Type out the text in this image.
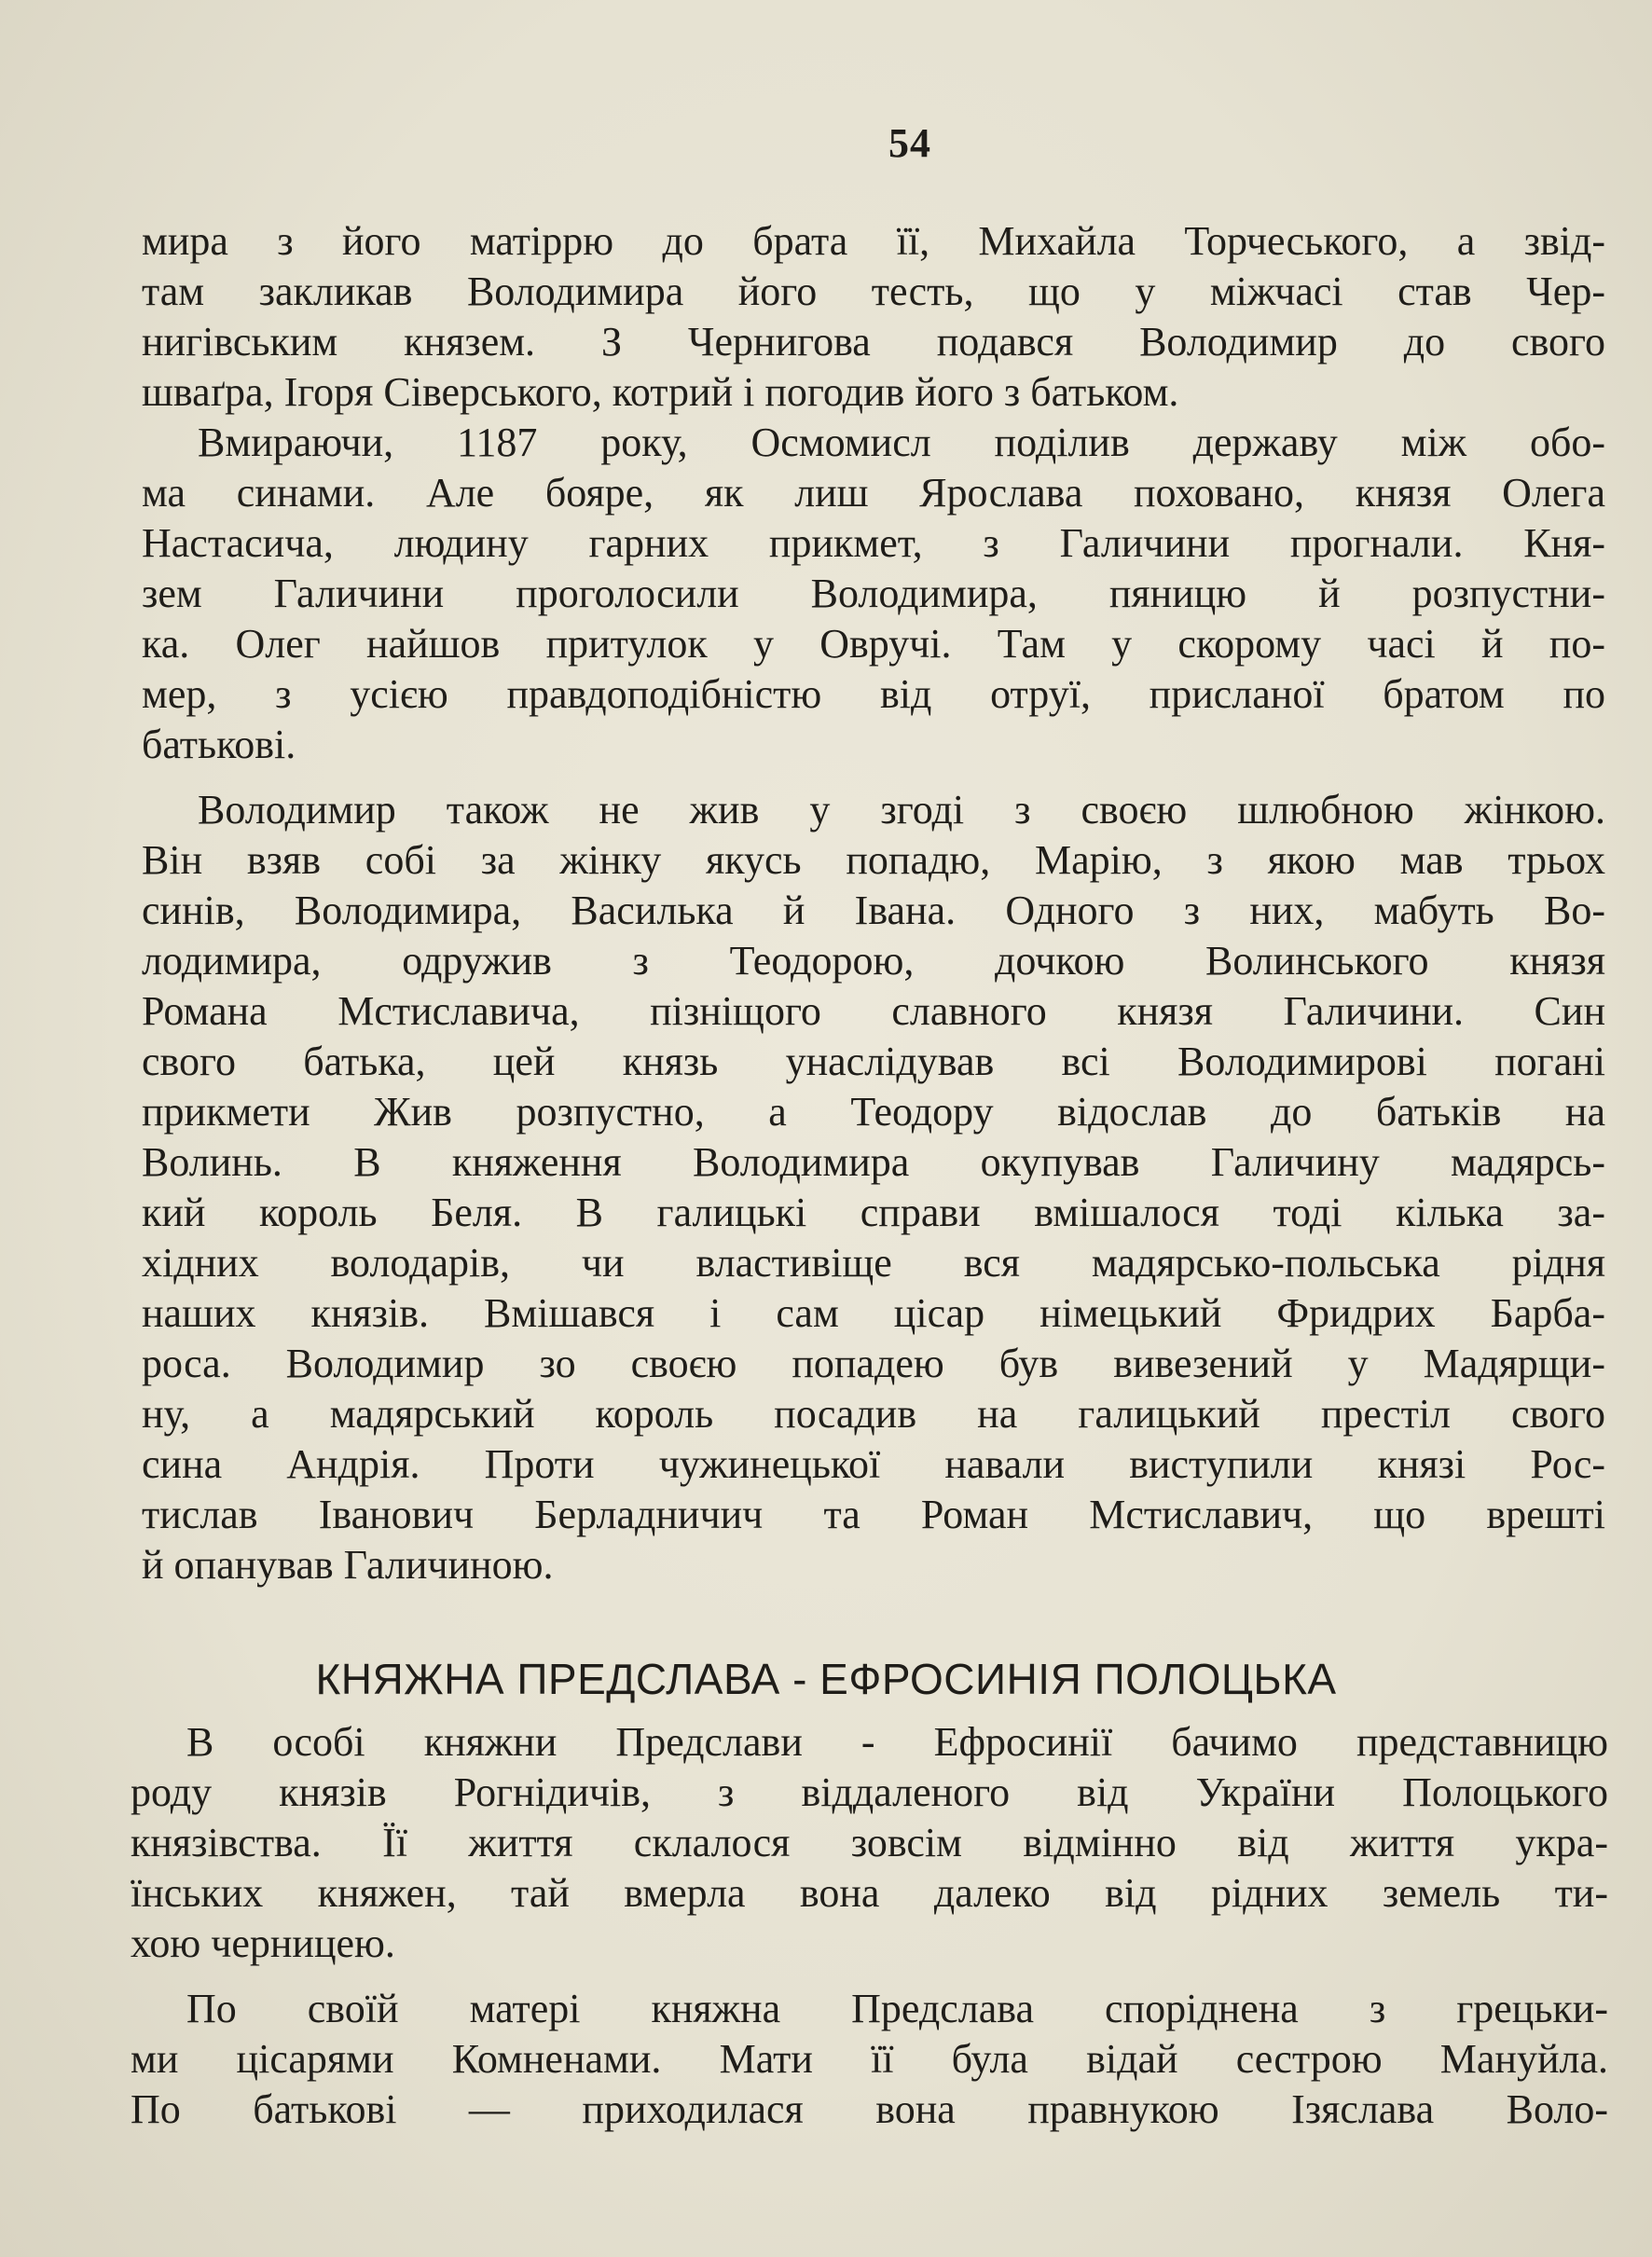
54
мира з його матіррю до брата її, Михайла Торчеського, а звід-
там закликав Володимира його тесть, що у міжчасі став Чер-
нигівським князем. З Чернигова подався Володимир до свого
шваґра, Ігоря Сіверського, котрий і погодив його з батьком.
Вмираючи, 1187 року, Осмомисл поділив державу між обо-
ма синами. Але бояре, як лиш Ярослава поховано, князя Олега
Настасича, людину гарних прикмет, з Галичини прогнали. Кня-
зем Галичини проголосили Володимира, пяницю й розпустни-
ка. Олег найшов притулок у Овручі. Там у скорому часі й по-
мер, з усією правдоподібністю від отруї, присланої братом по
батькові.
Володимир також не жив у згоді з своєю шлюбною жінкою.
Він взяв собі за жінку якусь попадю, Марію, з якою мав трьох
синів, Володимира, Василька й Івана. Одного з них, мабуть Во-
лодимира, одружив з Теодорою, дочкою Волинського князя
Романа Мстиславича, пізніщого славного князя Галичини. Син
свого батька, цей князь унаслідував всі Володимирові погані
прикмети Жив розпустно, а Теодору відослав до батьків на
Волинь. В княження Володимира окупував Галичину мадярсь-
кий король Беля. В галицькі справи вмішалося тоді кілька за-
хідних володарів, чи властивіще вся мадярсько-польська рідня
наших князів. Вмішався і сам цісар німецький Фридрих Барба-
роса. Володимир зо своєю попадею був вивезений у Мадярщи-
ну, а мадярський король посадив на галицький престіл свого
сина Андрія. Проти чужинецької навали виступили князі Рос-
тислав Іванович Берладничич та Роман Мстиславич, що врешті
й опанував Галичиною.
КНЯЖНА ПРЕДСЛАВА - ЕФРОСИНІЯ ПОЛОЦЬКА
В особі княжни Предслави - Ефросинії бачимо представницю
роду князів Рогнідичів, з віддаленого від України Полоцького
князівства. Її життя склалося зовсім відмінно від життя укра-
їнських княжен, тай вмерла вона далеко від рідних земель ти-
хою черницею.
По своїй матері княжна Предслава споріднена з грецьки-
ми цісарями Комненами. Мати її була відай сестрою Мануйла.
По батькові — приходилася вона правнукою Ізяслава Воло-
